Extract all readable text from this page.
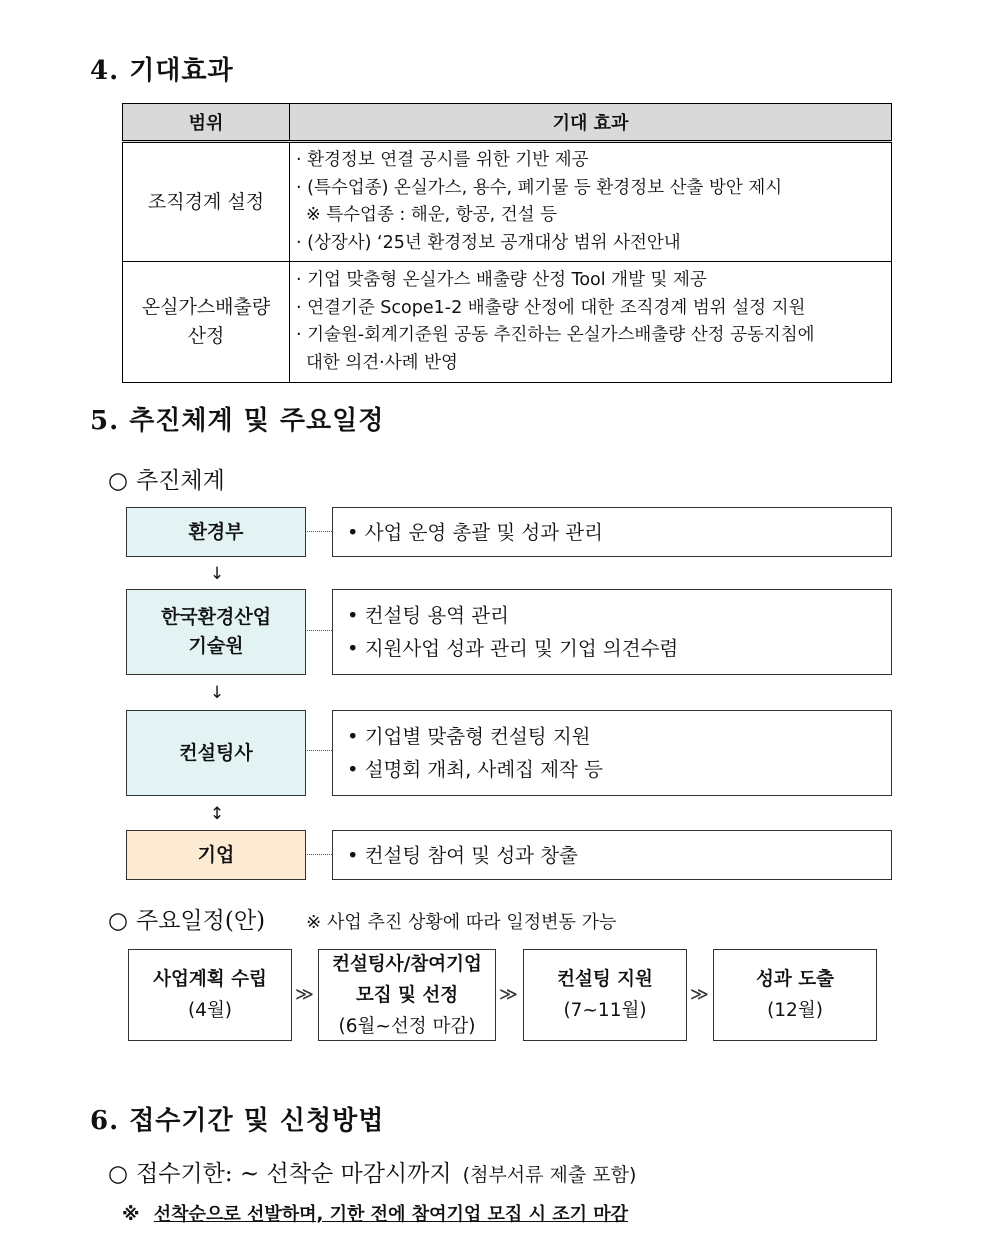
4. 기대효과
범위	기대 효과

조직경계 설정	· 환경정보 연결 공시를 위한 기반 제공
· (특수업종) 온실가스, 용수, 폐기물 등 환경정보 산출 방안 제시
※ 특수업종 : 해운, 항공, 건설 등
· (상장사) ‘25년 환경정보 공개대상 범위 사전안내

온실가스배출량
산정	· 기업 맞춤형 온실가스 배출량 산정 Tool 개발 및 제공
· 연결기준 Scope1-2 배출량 산정에 대한 조직경계 범위 설정 지원
· 기술원-회계기준원 공동 추진하는 온실가스배출량 산정 공동지침에
대한 의견·사례 반영
5. 추진체계 및 주요일정
○ 추진체계
환경부	• 사업 운영 총괄 및 성과 관리
↓
한국환경산업
기술원
• 컨설팅 용역 관리
• 지원사업 성과 관리 및 기업 의견수렴
↓
컨설팅사
• 기업별 맞춤형 컨설팅 지원
• 설명회 개최, 사례집 제작 등
↕
기업	• 컨설팅 참여 및 성과 창출
○ 주요일정(안) ※ 사업 추진 상황에 따라 일정변동 가능
사업계획 수립
(4월)
≫
컨설팅사/참여기업
모집 및 선정
(6월~선정 마감)
≫
컨설팅 지원
(7~11월)
≫
성과 도출
(12월)
6. 접수기간 및 신청방법
○ 접수기한: ~ 선착순 마감시까지 (첨부서류 제출 포함)
※ 선착순으로 선발하며, 기한 전에 참여기업 모집 시 조기 마감
